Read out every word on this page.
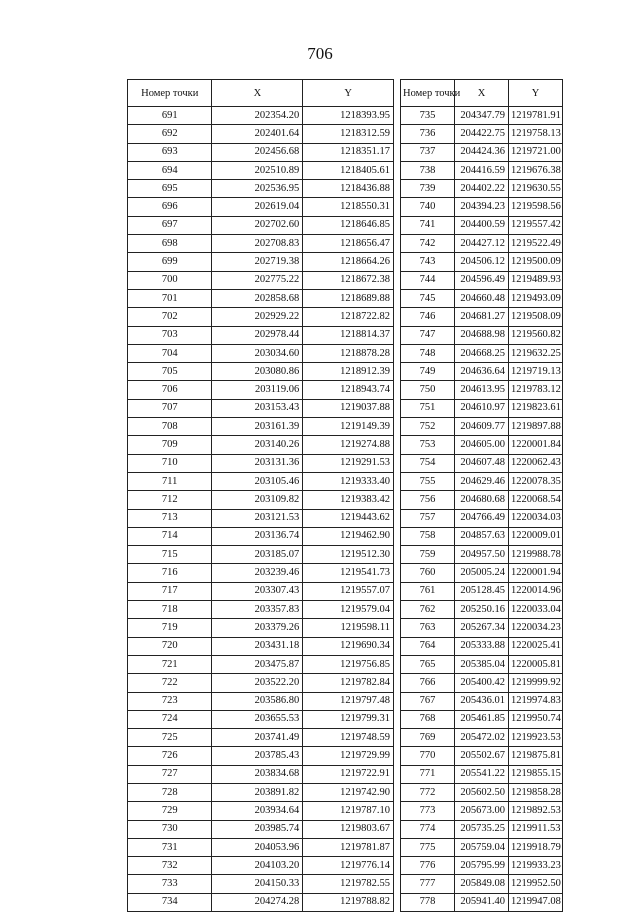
706
Номер точки	X	Y
691	202354.20	1218393.95
692	202401.64	1218312.59
693	202456.68	1218351.17
694	202510.89	1218405.61
695	202536.95	1218436.88
696	202619.04	1218550.31
697	202702.60	1218646.85
698	202708.83	1218656.47
699	202719.38	1218664.26
700	202775.22	1218672.38
701	202858.68	1218689.88
702	202929.22	1218722.82
703	202978.44	1218814.37
704	203034.60	1218878.28
705	203080.86	1218912.39
706	203119.06	1218943.74
707	203153.43	1219037.88
708	203161.39	1219149.39
709	203140.26	1219274.88
710	203131.36	1219291.53
711	203105.46	1219333.40
712	203109.82	1219383.42
713	203121.53	1219443.62
714	203136.74	1219462.90
715	203185.07	1219512.30
716	203239.46	1219541.73
717	203307.43	1219557.07
718	203357.83	1219579.04
719	203379.26	1219598.11
720	203431.18	1219690.34
721	203475.87	1219756.85
722	203522.20	1219782.84
723	203586.80	1219797.48
724	203655.53	1219799.31
725	203741.49	1219748.59
726	203785.43	1219729.99
727	203834.68	1219722.91
728	203891.82	1219742.90
729	203934.64	1219787.10
730	203985.74	1219803.67
731	204053.96	1219781.87
732	204103.20	1219776.14
733	204150.33	1219782.55
734	204274.28	1219788.82
Номер точки	X	Y
735	204347.79	1219781.91
736	204422.75	1219758.13
737	204424.36	1219721.00
738	204416.59	1219676.38
739	204402.22	1219630.55
740	204394.23	1219598.56
741	204400.59	1219557.42
742	204427.12	1219522.49
743	204506.12	1219500.09
744	204596.49	1219489.93
745	204660.48	1219493.09
746	204681.27	1219508.09
747	204688.98	1219560.82
748	204668.25	1219632.25
749	204636.64	1219719.13
750	204613.95	1219783.12
751	204610.97	1219823.61
752	204609.77	1219897.88
753	204605.00	1220001.84
754	204607.48	1220062.43
755	204629.46	1220078.35
756	204680.68	1220068.54
757	204766.49	1220034.03
758	204857.63	1220009.01
759	204957.50	1219988.78
760	205005.24	1220001.94
761	205128.45	1220014.96
762	205250.16	1220033.04
763	205267.34	1220034.23
764	205333.88	1220025.41
765	205385.04	1220005.81
766	205400.42	1219999.92
767	205436.01	1219974.83
768	205461.85	1219950.74
769	205472.02	1219923.53
770	205502.67	1219875.81
771	205541.22	1219855.15
772	205602.50	1219858.28
773	205673.00	1219892.53
774	205735.25	1219911.53
775	205759.04	1219918.79
776	205795.99	1219933.23
777	205849.08	1219952.50
778	205941.40	1219947.08
